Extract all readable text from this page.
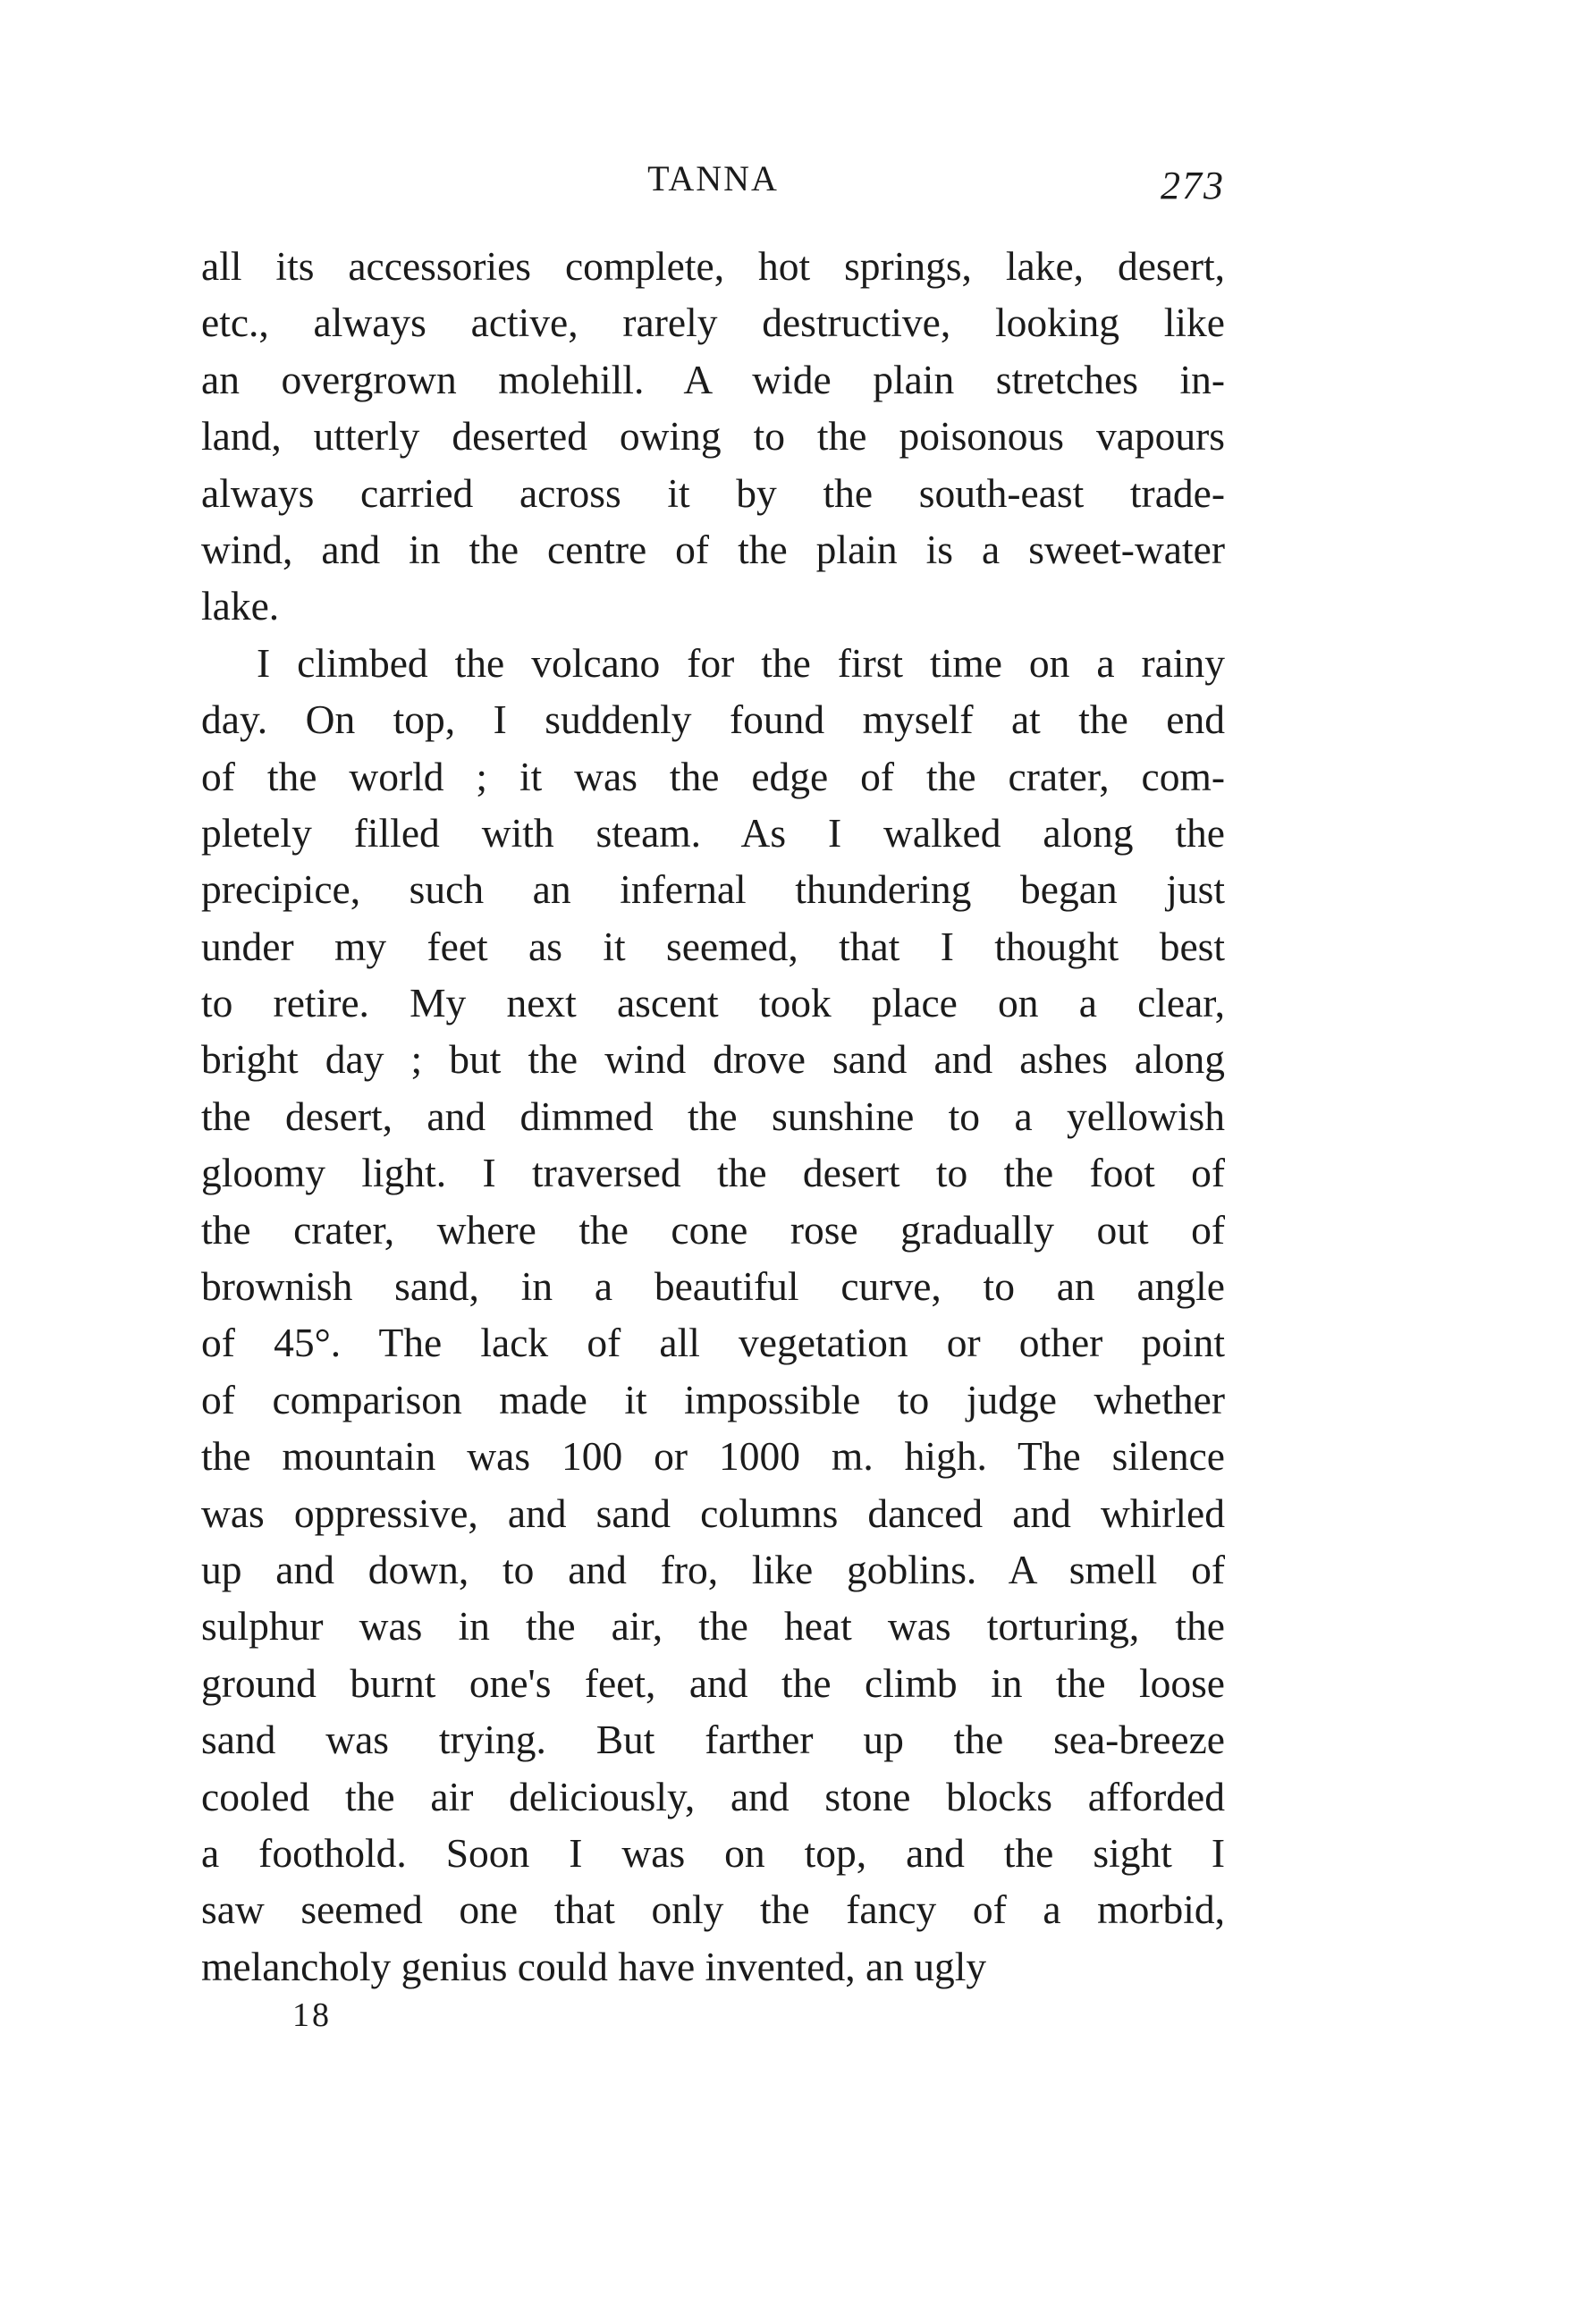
TANNA	273
all its accessories complete, hot springs, lake, desert,
etc., always active, rarely destructive, looking like
an overgrown molehill. A wide plain stretches in-
land, utterly deserted owing to the poisonous vapours
always carried across it by the south-east trade-
wind, and in the centre of the plain is a sweet-water
lake.
I climbed the volcano for the first time on a rainy
day. On top, I suddenly found myself at the end
of the world ; it was the edge of the crater, com-
pletely filled with steam. As I walked along the
precipice, such an infernal thundering began just
under my feet as it seemed, that I thought best
to retire. My next ascent took place on a clear,
bright day ; but the wind drove sand and ashes along
the desert, and dimmed the sunshine to a yellowish
gloomy light. I traversed the desert to the foot of
the crater, where the cone rose gradually out of
brownish sand, in a beautiful curve, to an angle
of 45°. The lack of all vegetation or other point
of comparison made it impossible to judge whether
the mountain was 100 or 1000 m. high. The silence
was oppressive, and sand columns danced and whirled
up and down, to and fro, like goblins. A smell of
sulphur was in the air, the heat was torturing, the
ground burnt one's feet, and the climb in the loose
sand was trying. But farther up the sea-breeze
cooled the air deliciously, and stone blocks afforded
a foothold. Soon I was on top, and the sight I
saw seemed one that only the fancy of a morbid,
melancholy genius could have invented, an ugly
18
